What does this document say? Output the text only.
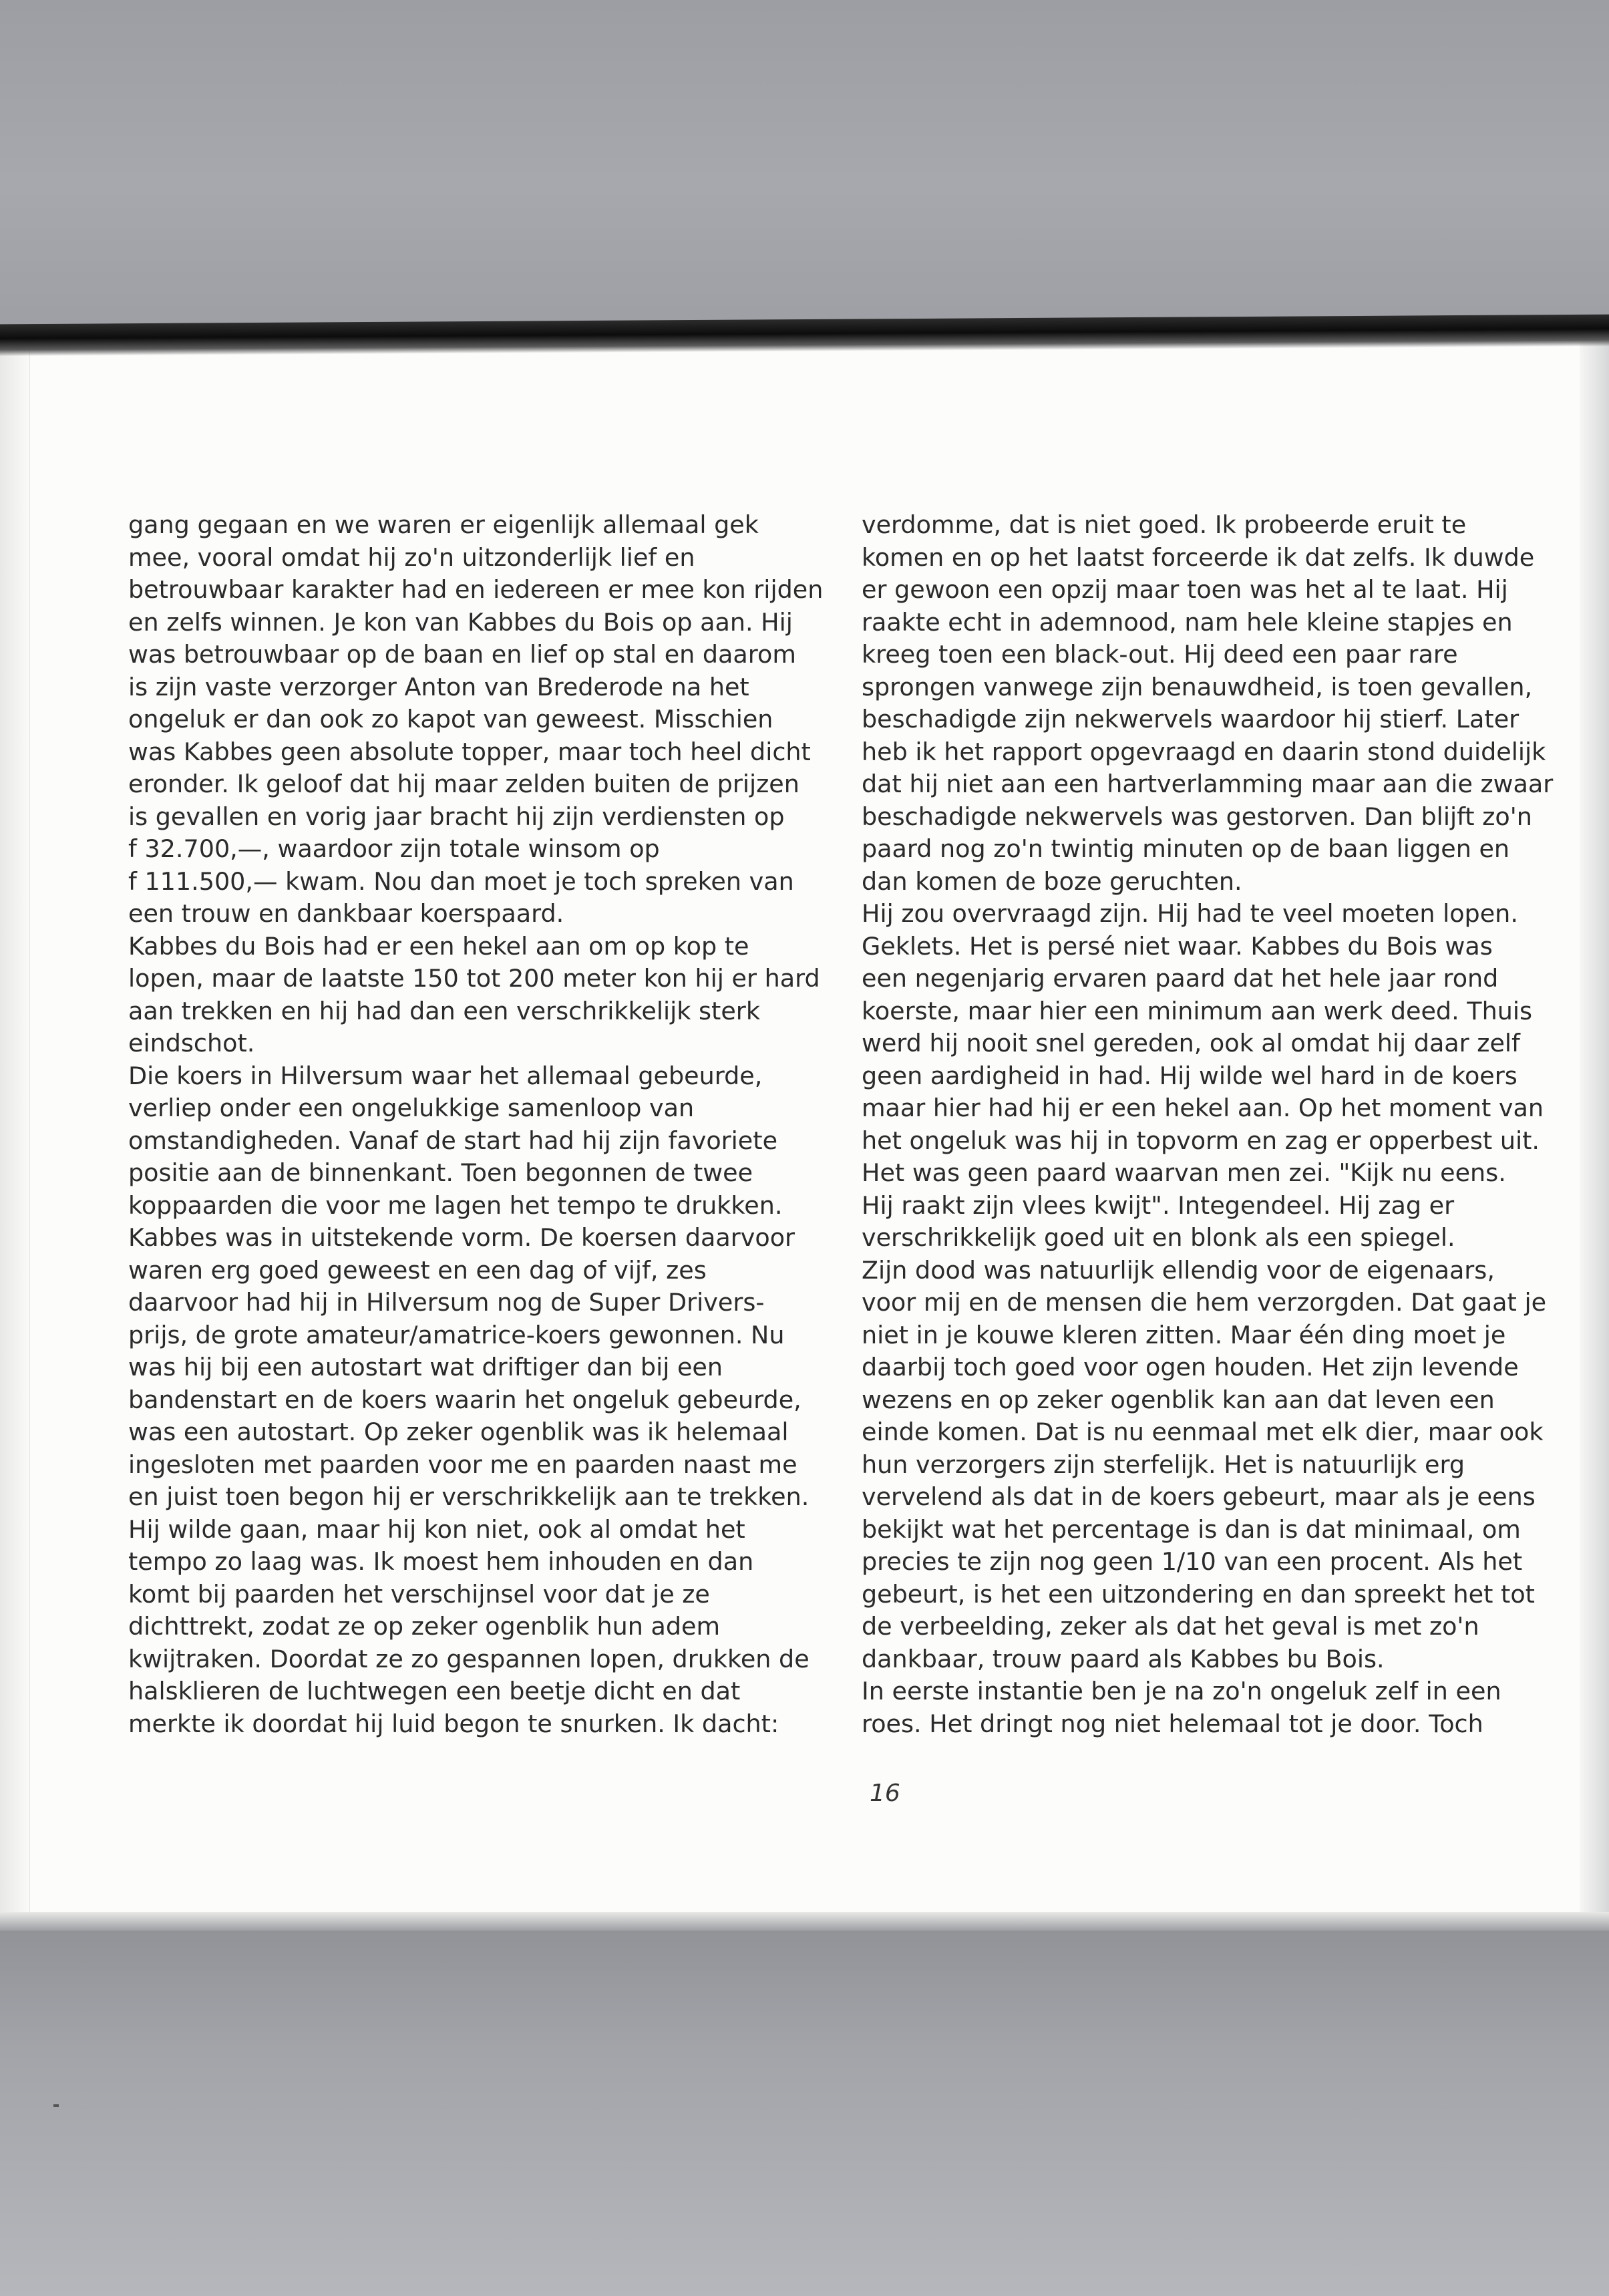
gang gegaan en we waren er eigenlijk allemaal gek
mee, vooral omdat hij zo'n uitzonderlijk lief en
betrouwbaar karakter had en iedereen er mee kon rijden
en zelfs winnen. Je kon van Kabbes du Bois op aan. Hij
was betrouwbaar op de baan en lief op stal en daarom
is zijn vaste verzorger Anton van Brederode na het
ongeluk er dan ook zo kapot van geweest. Misschien
was Kabbes geen absolute topper, maar toch heel dicht
eronder. Ik geloof dat hij maar zelden buiten de prijzen
is gevallen en vorig jaar bracht hij zijn verdiensten op
f 32.700,—, waardoor zijn totale winsom op
f 111.500,— kwam. Nou dan moet je toch spreken van
een trouw en dankbaar koerspaard.
Kabbes du Bois had er een hekel aan om op kop te
lopen, maar de laatste 150 tot 200 meter kon hij er hard
aan trekken en hij had dan een verschrikkelijk sterk
eindschot.
Die koers in Hilversum waar het allemaal gebeurde,
verliep onder een ongelukkige samenloop van
omstandigheden. Vanaf de start had hij zijn favoriete
positie aan de binnenkant. Toen begonnen de twee
koppaarden die voor me lagen het tempo te drukken.
Kabbes was in uitstekende vorm. De koersen daarvoor
waren erg goed geweest en een dag of vijf, zes
daarvoor had hij in Hilversum nog de Super Drivers-
prijs, de grote amateur/amatrice-koers gewonnen. Nu
was hij bij een autostart wat driftiger dan bij een
bandenstart en de koers waarin het ongeluk gebeurde,
was een autostart. Op zeker ogenblik was ik helemaal
ingesloten met paarden voor me en paarden naast me
en juist toen begon hij er verschrikkelijk aan te trekken.
Hij wilde gaan, maar hij kon niet, ook al omdat het
tempo zo laag was. Ik moest hem inhouden en dan
komt bij paarden het verschijnsel voor dat je ze
dichttrekt, zodat ze op zeker ogenblik hun adem
kwijtraken. Doordat ze zo gespannen lopen, drukken de
halsklieren de luchtwegen een beetje dicht en dat
merkte ik doordat hij luid begon te snurken. Ik dacht:
verdomme, dat is niet goed. Ik probeerde eruit te
komen en op het laatst forceerde ik dat zelfs. Ik duwde
er gewoon een opzij maar toen was het al te laat. Hij
raakte echt in ademnood, nam hele kleine stapjes en
kreeg toen een black-out. Hij deed een paar rare
sprongen vanwege zijn benauwdheid, is toen gevallen,
beschadigde zijn nekwervels waardoor hij stierf. Later
heb ik het rapport opgevraagd en daarin stond duidelijk
dat hij niet aan een hartverlamming maar aan die zwaar
beschadigde nekwervels was gestorven. Dan blijft zo'n
paard nog zo'n twintig minuten op de baan liggen en
dan komen de boze geruchten.
Hij zou overvraagd zijn. Hij had te veel moeten lopen.
Geklets. Het is persé niet waar. Kabbes du Bois was
een negenjarig ervaren paard dat het hele jaar rond
koerste, maar hier een minimum aan werk deed. Thuis
werd hij nooit snel gereden, ook al omdat hij daar zelf
geen aardigheid in had. Hij wilde wel hard in de koers
maar hier had hij er een hekel aan. Op het moment van
het ongeluk was hij in topvorm en zag er opperbest uit.
Het was geen paard waarvan men zei. "Kijk nu eens.
Hij raakt zijn vlees kwijt". Integendeel. Hij zag er
verschrikkelijk goed uit en blonk als een spiegel.
Zijn dood was natuurlijk ellendig voor de eigenaars,
voor mij en de mensen die hem verzorgden. Dat gaat je
niet in je kouwe kleren zitten. Maar één ding moet je
daarbij toch goed voor ogen houden. Het zijn levende
wezens en op zeker ogenblik kan aan dat leven een
einde komen. Dat is nu eenmaal met elk dier, maar ook
hun verzorgers zijn sterfelijk. Het is natuurlijk erg
vervelend als dat in de koers gebeurt, maar als je eens
bekijkt wat het percentage is dan is dat minimaal, om
precies te zijn nog geen 1/10 van een procent. Als het
gebeurt, is het een uitzondering en dan spreekt het tot
de verbeelding, zeker als dat het geval is met zo'n
dankbaar, trouw paard als Kabbes bu Bois.
In eerste instantie ben je na zo'n ongeluk zelf in een
roes. Het dringt nog niet helemaal tot je door. Toch
16
